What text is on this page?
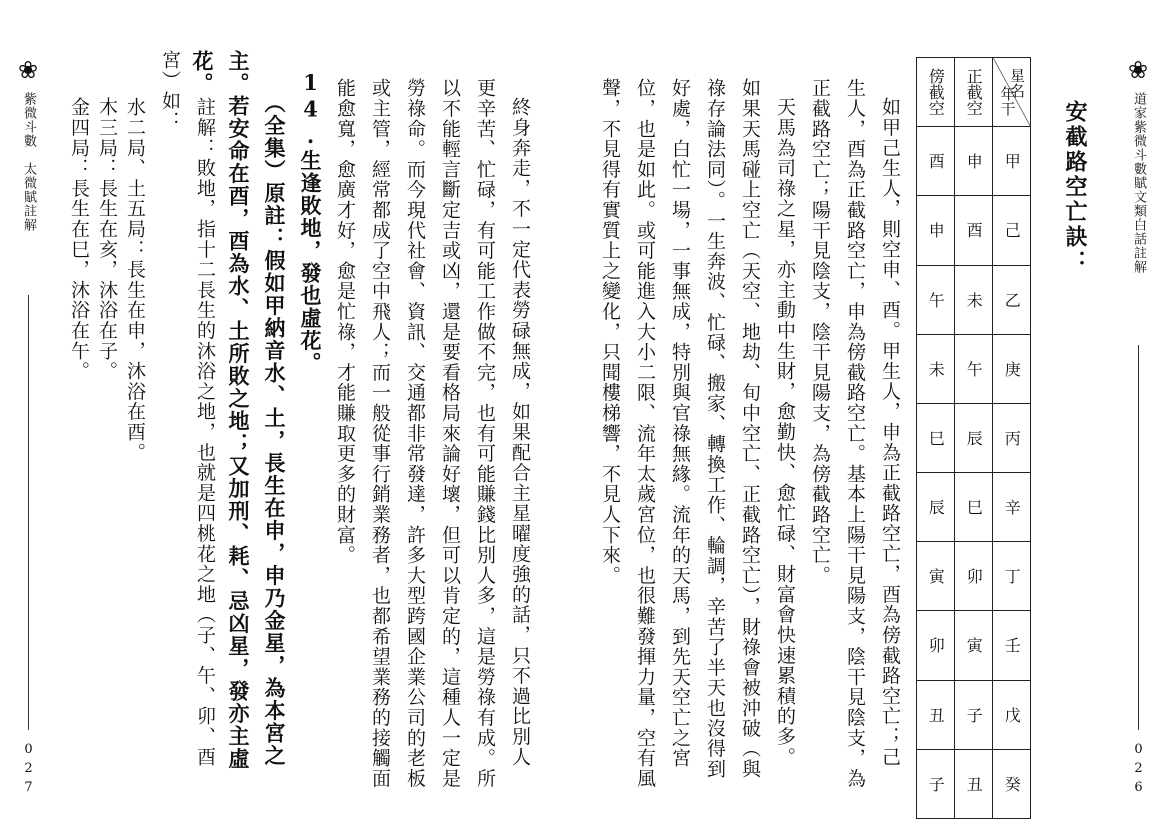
❀
道家紫微斗數賦文類白話註解
026
安截路空亡訣：
星名
年干	甲	己	乙	庚	丙	辛	丁	壬	戊	癸
正截空	申	酉	未	午	辰	巳	卯	寅	子	丑
傍截空	酉	申	午	未	巳	辰	寅	卯	丑	子
如甲己生人，則空申、酉。甲生人，申為正截路空亡，酉為傍截路空亡；己
生人，酉為正截路空亡，申為傍截路空亡。基本上陽干見陽支，陰干見陰支，為
正截路空亡；陽干見陰支，陰干見陽支，為傍截路空亡。
天馬為司祿之星，亦主動中生財，愈勤快、愈忙碌、財富會快速累積的多。
如果天馬碰上空亡（天空、地劫、旬中空亡、正截路空亡），財祿會被沖破（與
祿存論法同）。一生奔波、忙碌、搬家、轉換工作、輪調，辛苦了半天也沒得到
好處，白忙一場，一事無成，特別與官祿無緣。流年的天馬，到先天空亡之宮
位，也是如此。或可能進入大小二限、流年太歲宮位，也很難發揮力量，空有風
聲，不見得有實質上之變化，只聞樓梯響，不見人下來。
❀
紫微斗數　太微賦註解
027
終身奔走，不一定代表勞碌無成，如果配合主星曜度強的話，只不過比別人
更辛苦、忙碌，有可能工作做不完，也有可能賺錢比別人多，這是勞祿有成。所
以不能輕言斷定吉或凶，還是要看格局來論好壞，但可以肯定的，這種人一定是
勞祿命。而今現代社會、資訊、交通都非常發達，許多大型跨國企業公司的老板
或主管，經常都成了空中飛人；而一般從事行銷業務者，也都希望業務的接觸面
能愈寬，愈廣才好，愈是忙祿，才能賺取更多的財富。
14.生逢敗地，發也虛花。
（全集）原註：假如甲納音水、土，長生在申，申乃金星，為本宮之
主。若安命在酉，酉為水、土所敗之地；又加刑、耗、忌凶星，發亦主虛
花。
註解：敗地，指十二長生的沐浴之地，也就是四桃花之地（子、午、卯、酉
宮）如：
水二局、土五局：長生在申，沐浴在酉。
木三局：長生在亥，沐浴在子。
金四局：長生在巳，沐浴在午。
